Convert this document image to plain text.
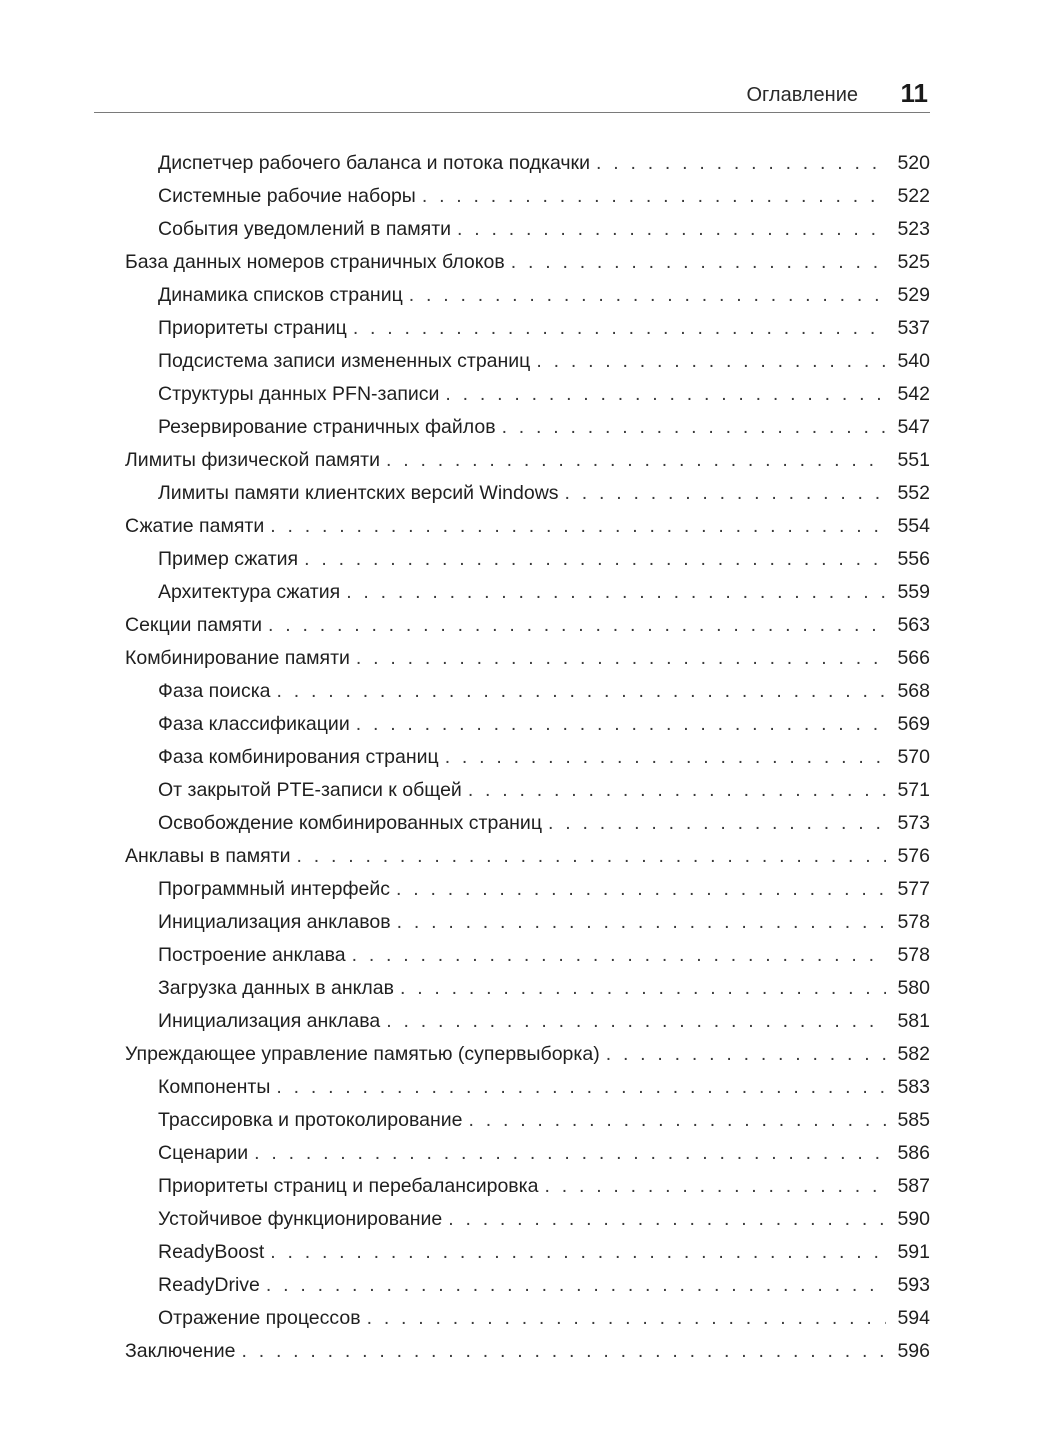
Оглавление 11
Диспетчер рабочего баланса и потока подкачки . . .	520
Системные рабочие наборы . . .	522
События уведомлений в памяти . . .	523
База данных номеров страничных блоков . . .	525
Динамика списков страниц . . .	529
Приоритеты страниц . . .	537
Подсистема записи измененных страниц . . .	540
Структуры данных PFN-записи . . .	542
Резервирование страничных файлов . . .	547
Лимиты физической памяти . . .	551
Лимиты памяти клиентских версий Windows . . .	552
Сжатие памяти . . .	554
Пример сжатия . . .	556
Архитектура сжатия . . .	559
Секции памяти . . .	563
Комбинирование памяти . . .	566
Фаза поиска . . .	568
Фаза классификации . . .	569
Фаза комбинирования страниц . . .	570
От закрытой PTE-записи к общей . . .	571
Освобождение комбинированных страниц . . .	573
Анклавы в памяти . . .	576
Программный интерфейс . . .	577
Инициализация анклавов . . .	578
Построение анклава . . .	578
Загрузка данных в анклав . . .	580
Инициализация анклава . . .	581
Упреждающее управление памятью (супервыборка) . . .	582
Компоненты . . .	583
Трассировка и протоколирование . . .	585
Сценарии . . .	586
Приоритеты страниц и перебалансировка . . .	587
Устойчивое функционирование . . .	590
ReadyBoost . . .	591
ReadyDrive . . .	593
Отражение процессов . . .	594
Заключение . . .	596
